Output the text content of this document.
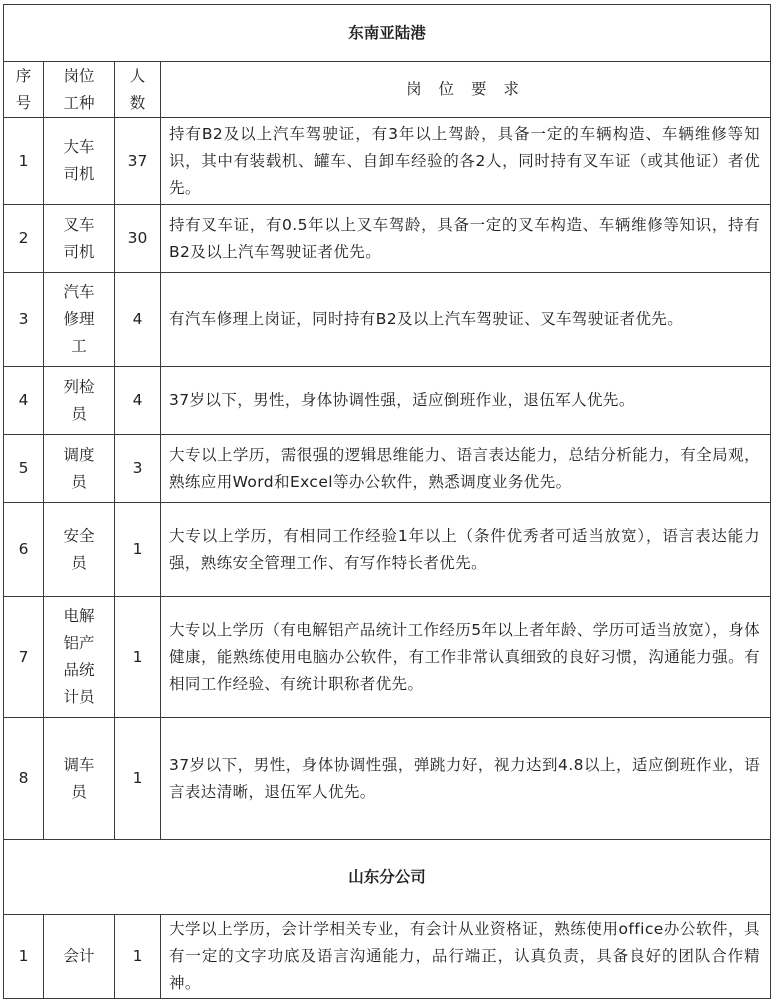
东南亚陆港			

序号	岗位工种	人数	岗 位 要 求
1	大车司机	37	持有B2及以上汽车驾驶证，有3年以上驾龄，具备一定的车辆构造、车辆维修等知识，其中有装载机、罐车、自卸车经验的各2人，同时持有叉车证（或其他证）者优先。
2	叉车司机	30	持有叉车证，有0.5年以上叉车驾龄，具备一定的叉车构造、车辆维修等知识，持有B2及以上汽车驾驶证者优先。
3	汽车修理工	4	有汽车修理上岗证，同时持有B2及以上汽车驾驶证、叉车驾驶证者优先。
4	列检员	4	37岁以下，男性，身体协调性强，适应倒班作业，退伍军人优先。
5	调度员	3	大专以上学历，需很强的逻辑思维能力、语言表达能力，总结分析能力，有全局观，熟练应用Word和Excel等办公软件，熟悉调度业务优先。
6	安全员	1	大专以上学历，有相同工作经验1年以上（条件优秀者可适当放宽），语言表达能力强，熟练安全管理工作、有写作特长者优先。
7	电解铝产品统计员	1	大专以上学历（有电解铝产品统计工作经历5年以上者年龄、学历可适当放宽），身体健康，能熟练使用电脑办公软件，有工作非常认真细致的良好习惯，沟通能力强。有相同工作经验、有统计职称者优先。
8	调车员	1	37岁以下，男性，身体协调性强，弹跳力好，视力达到4.8以上，适应倒班作业，语言表达清晰，退伍军人优先。
山东分公司			
1	会计	1	大学以上学历，会计学相关专业，有会计从业资格证，熟练使用office办公软件，具有一定的文字功底及语言沟通能力，品行端正，认真负责，具备良好的团队合作精神。
